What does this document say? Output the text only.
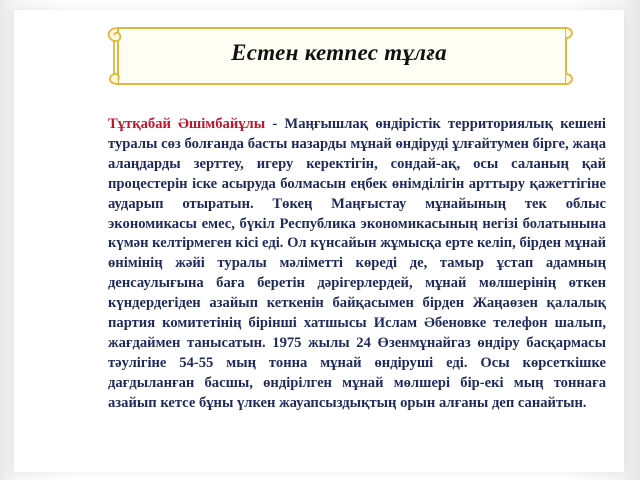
Естен кетпес тұлға
Тұтқабай Әшімбайұлы - Маңғышлақ өндірістік территориялық кешені туралы сөз болғанда басты назарды мұнай өндіруді ұлғайтумен бірге, жаңа алаңдарды зерттеу, игеру керектігін, сондай-ақ, осы саланың қай процестерін іске асыруда болмасын еңбек өнімділігін арттыру қажеттігіне аударып отыратын. Төкең Маңғыстау мұнайының тек облыс экономикасы емес, бүкіл Республика экономикасының негізі болатынына күмән келтірмеген кісі еді. Ол күнсайын жұмысқа ерте келіп, бірден мұнай өнімінің жәйі туралы мәліметті көреді де, тамыр ұстап адамның денсаулығына баға беретін дәрігерлердей, мұнай мөлшерінің өткен күндердегіден азайып кеткенін байқасымен бірден Жаңаөзен қалалық партия комитетінің бірінші хатшысы Ислам Әбеновке телефон шалып, жағдаймен танысатын. 1975 жылы 24 Өзенмұнайгаз өндіру басқармасы тәулігіне 54-55 мың тонна мұнай өндіруші еді. Осы көрсеткішке дағдыланған басшы, өндірілген мұнай мөлшері бір-екі мың тоннаға азайып кетсе бұны үлкен жауапсыздықтың орын алғаны деп санайтын.
